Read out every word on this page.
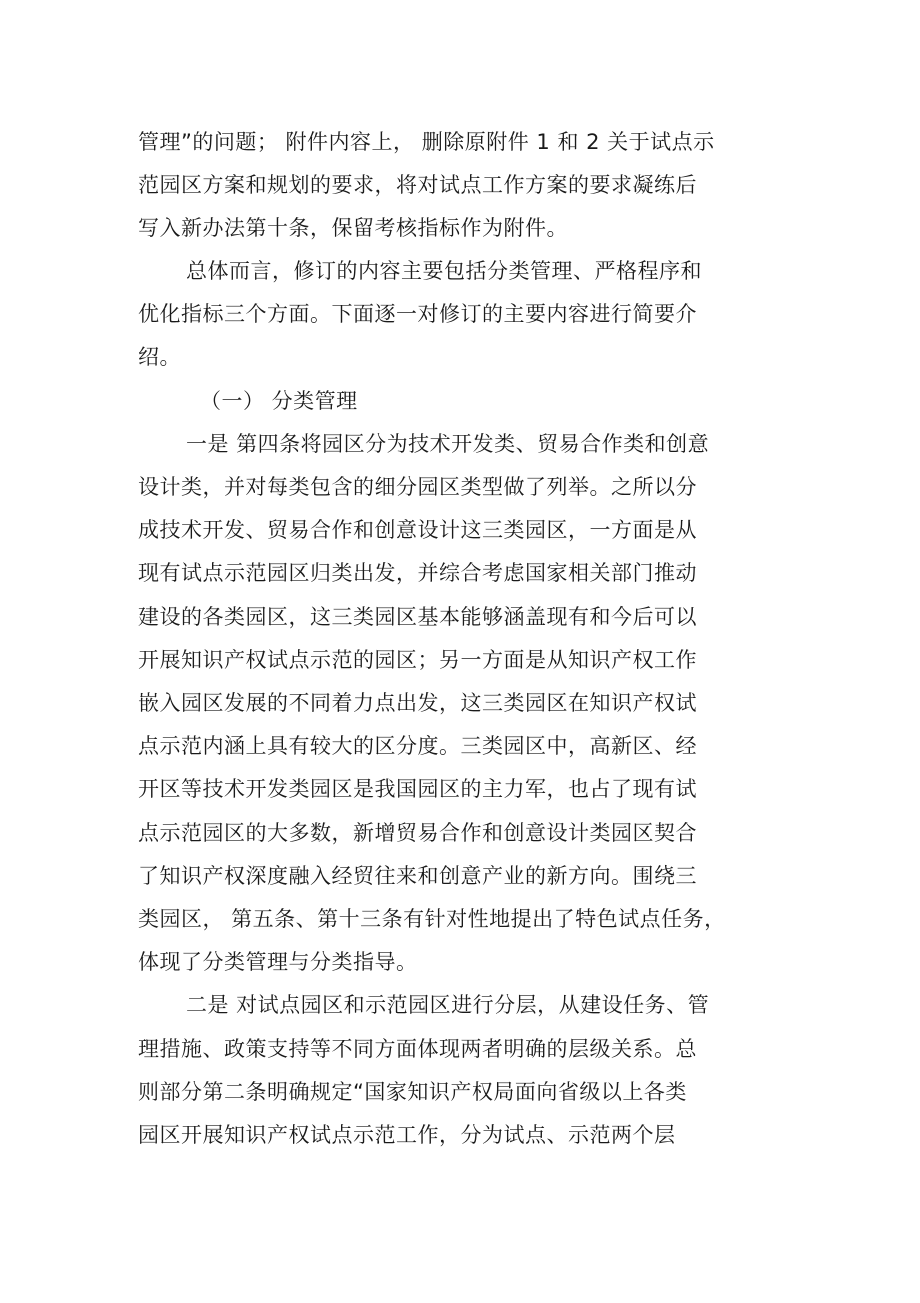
管理”的问题； 附件内容上， 删除原附件 1 和 2 关于试点示
范园区方案和规划的要求，将对试点工作方案的要求凝练后
写入新办法第十条，保留考核指标作为附件。
总体而言，修订的内容主要包括分类管理、严格程序和
优化指标三个方面。下面逐一对修订的主要内容进行简要介
绍。
（一） 分类管理
一是 第四条将园区分为技术开发类、贸易合作类和创意
设计类，并对每类包含的细分园区类型做了列举。之所以分
成技术开发、贸易合作和创意设计这三类园区，一方面是从
现有试点示范园区归类出发，并综合考虑国家相关部门推动
建设的各类园区，这三类园区基本能够涵盖现有和今后可以
开展知识产权试点示范的园区；另一方面是从知识产权工作
嵌入园区发展的不同着力点出发，这三类园区在知识产权试
点示范内涵上具有较大的区分度。三类园区中，高新区、经
开区等技术开发类园区是我国园区的主力军，也占了现有试
点示范园区的大多数，新增贸易合作和创意设计类园区契合
了知识产权深度融入经贸往来和创意产业的新方向。围绕三
类园区， 第五条、第十三条有针对性地提出了特色试点任务，
体现了分类管理与分类指导。
二是 对试点园区和示范园区进行分层，从建设任务、管
理措施、政策支持等不同方面体现两者明确的层级关系。总
则部分第二条明确规定“国家知识产权局面向省级以上各类
园区开展知识产权试点示范工作，分为试点、示范两个层
